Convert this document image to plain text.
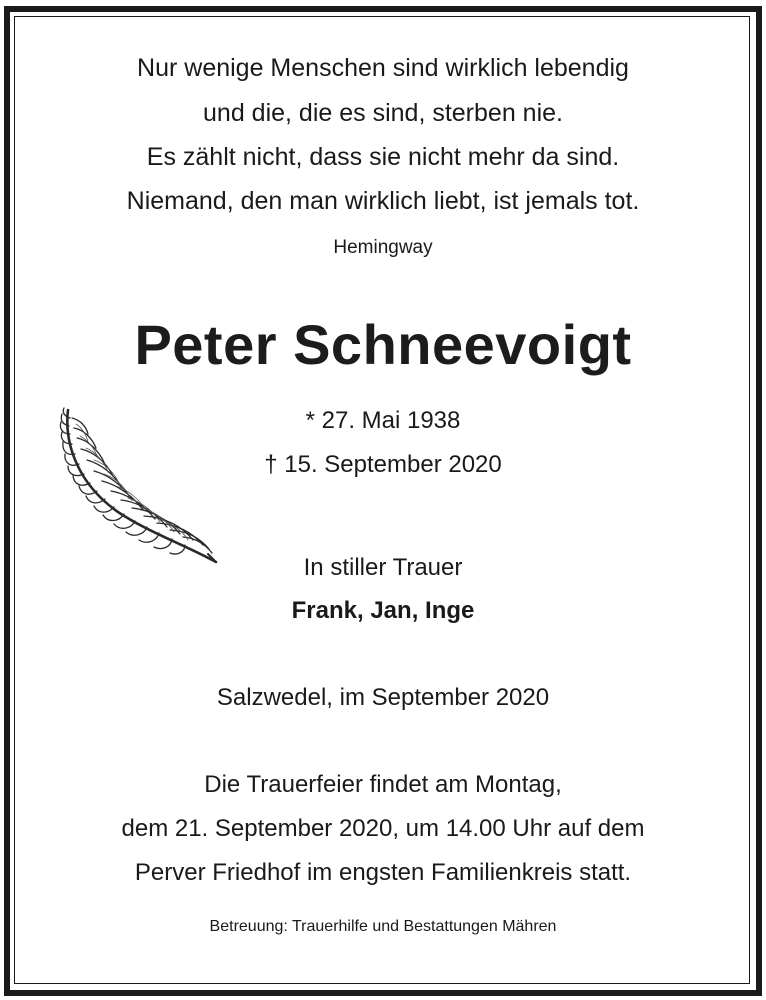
Nur wenige Menschen sind wirklich lebendig
und die, die es sind, sterben nie.
Es zählt nicht, dass sie nicht mehr da sind.
Niemand, den man wirklich liebt, ist jemals tot.
Hemingway
Peter Schneevoigt
* 27. Mai 1938
† 15. September 2020
In stiller Trauer
Frank, Jan, Inge
Salzwedel, im September 2020
Die Trauerfeier findet am Montag,
dem 21. September 2020, um 14.00 Uhr auf dem
Perver Friedhof im engsten Familienkreis statt.
Betreuung: Trauerhilfe und Bestattungen Mähren
